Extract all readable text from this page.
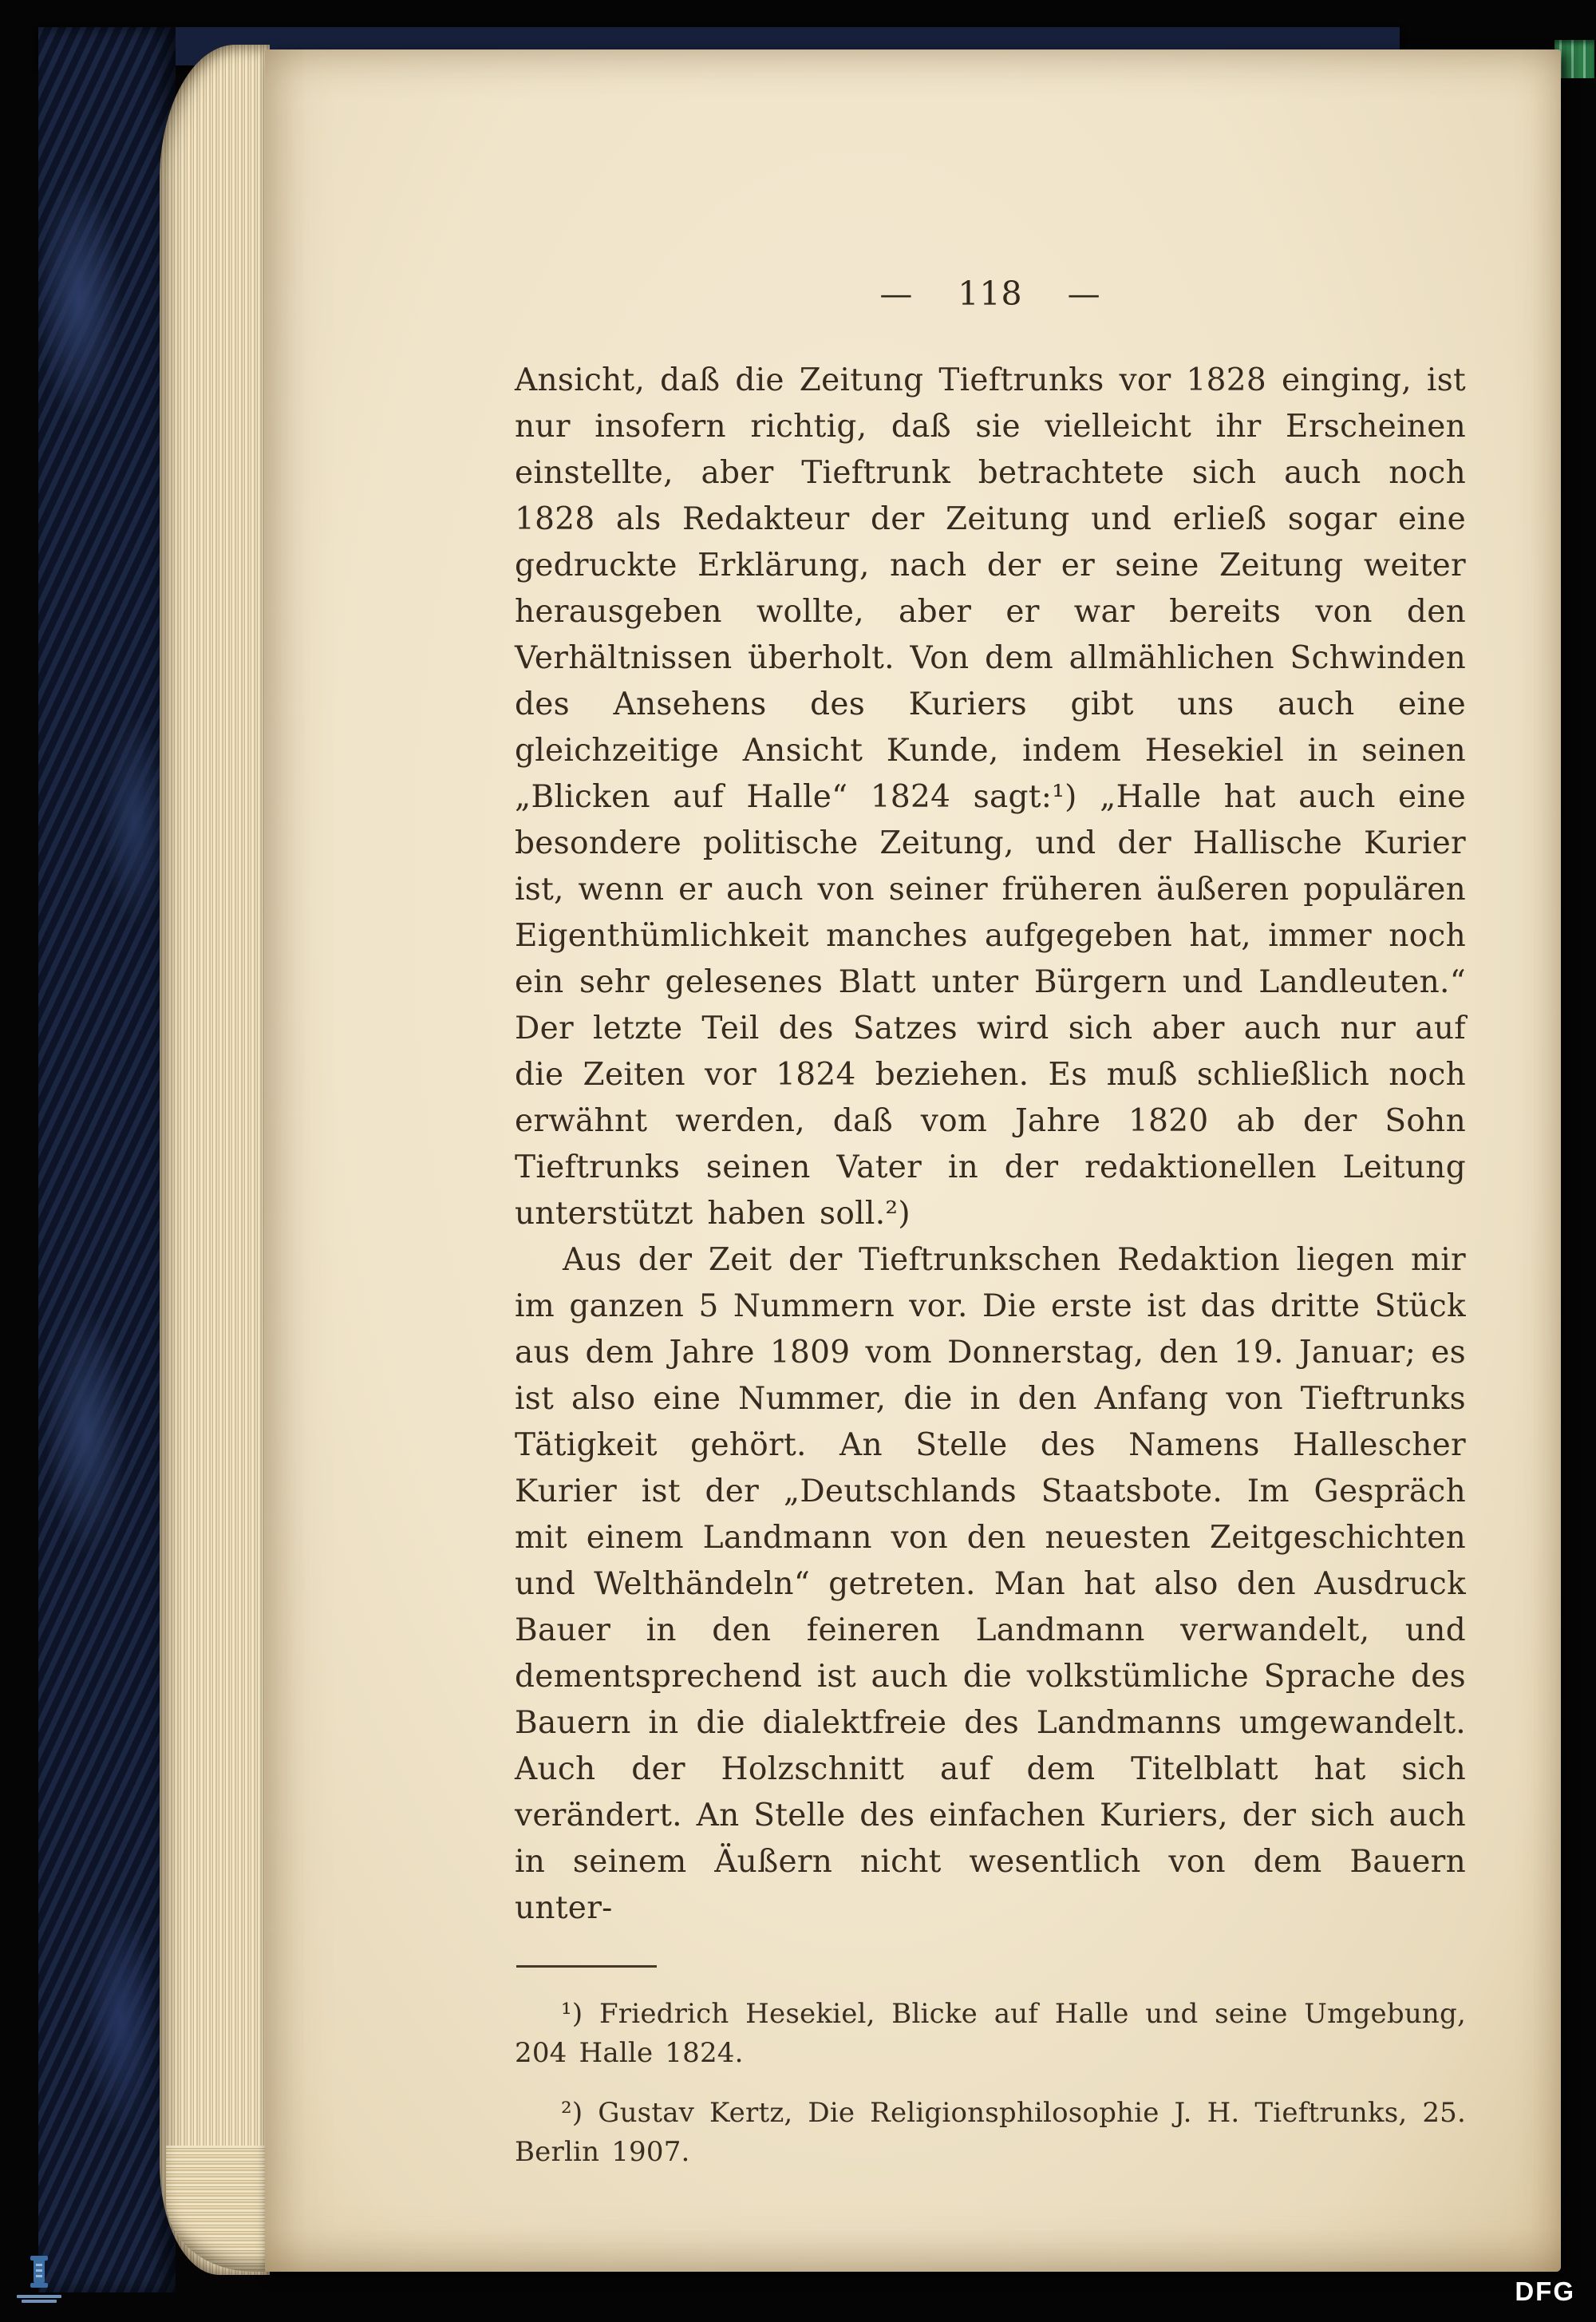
— 118 —

Ansicht, daß die Zeitung Tieftrunks vor 1828 einging, ist nur insofern richtig, daß sie vielleicht ihr Erscheinen einstellte, aber Tieftrunk betrachtete sich auch noch 1828 als Redakteur der Zeitung und erließ sogar eine gedruckte Erklärung, nach der er seine Zeitung weiter herausgeben wollte, aber er war bereits von den Verhältnissen überholt. Von dem allmählichen Schwinden des Ansehens des Kuriers gibt uns auch eine gleichzeitige Ansicht Kunde, indem Hesekiel in seinen „Blicken auf Halle“ 1824 sagt:¹) „Halle hat auch eine besondere politische Zeitung, und der Hallische Kurier ist, wenn er auch von seiner früheren äußeren populären Eigenthümlichkeit manches aufgegeben hat, immer noch ein sehr gelesenes Blatt unter Bürgern und Landleuten.“ Der letzte Teil des Satzes wird sich aber auch nur auf die Zeiten vor 1824 beziehen. Es muß schließlich noch erwähnt werden, daß vom Jahre 1820 ab der Sohn Tieftrunks seinen Vater in der redaktionellen Leitung unterstützt haben soll.²)

Aus der Zeit der Tieftrunkschen Redaktion liegen mir im ganzen 5 Nummern vor. Die erste ist das dritte Stück aus dem Jahre 1809 vom Donnerstag, den 19. Januar; es ist also eine Nummer, die in den Anfang von Tieftrunks Tätigkeit gehört. An Stelle des Namens Hallescher Kurier ist der „Deutschlands Staatsbote. Im Gespräch mit einem Landmann von den neuesten Zeitgeschichten und Welthändeln“ getreten. Man hat also den Ausdruck Bauer in den feineren Landmann verwandelt, und dementsprechend ist auch die volkstümliche Sprache des Bauern in die dialektfreie des Landmanns umgewandelt. Auch der Holzschnitt auf dem Titelblatt hat sich verändert. An Stelle des einfachen Kuriers, der sich auch in seinem Äußern nicht wesentlich von dem Bauern unter-

¹) Friedrich Hesekiel, Blicke auf Halle und seine Umgebung, 204 Halle 1824.

²) Gustav Kertz, Die Religionsphilosophie J. H. Tieftrunks, 25. Berlin 1907.

DFG
